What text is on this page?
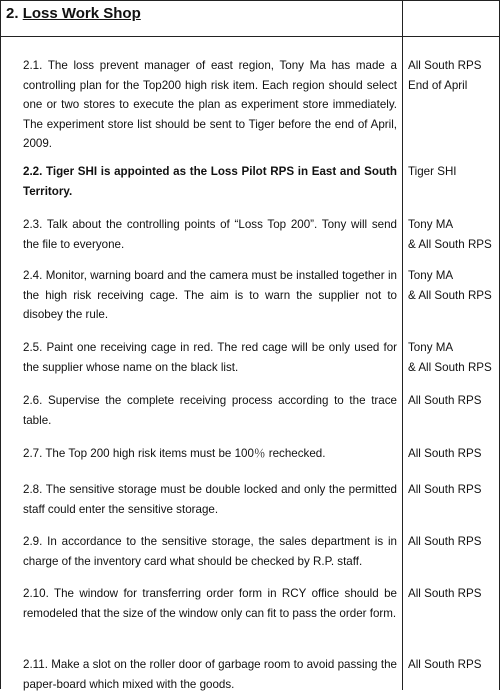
2. Loss Work Shop
2.1. The loss prevent manager of east region, Tony Ma has made a controlling plan for the Top200 high risk item. Each region should select one or two stores to execute the plan as experiment store immediately. The experiment store list should be sent to Tiger before the end of April, 2009.
All South RPS
End of April
2.2. Tiger SHI is appointed as the Loss Pilot RPS in East and South Territory.
Tiger SHI
2.3. Talk about the controlling points of “Loss Top 200”. Tony will send the file to everyone.
Tony MA
& All South RPS
2.4. Monitor, warning board and the camera must be installed together in the high risk receiving cage. The aim is to warn the supplier not to disobey the rule.
Tony MA
& All South RPS
2.5. Paint one receiving cage in red. The red cage will be only used for the supplier whose name on the black list.
Tony MA
& All South RPS
2.6. Supervise the complete receiving process according to the trace table.
All South RPS
2.7. The Top 200 high risk items must be 100％ rechecked.	All South RPS
2.8. The sensitive storage must be double locked and only the permitted staff could enter the sensitive storage.
All South RPS
2.9. In accordance to the sensitive storage, the sales department is in charge of the inventory card what should be checked by R.P. staff.
All South RPS
2.10. The window for transferring order form in RCY office should be remodeled that the size of the window only can fit to pass the order form.
All South RPS
2.11. Make a slot on the roller door of garbage room to avoid passing the paper-board which mixed with the goods.
All South RPS
